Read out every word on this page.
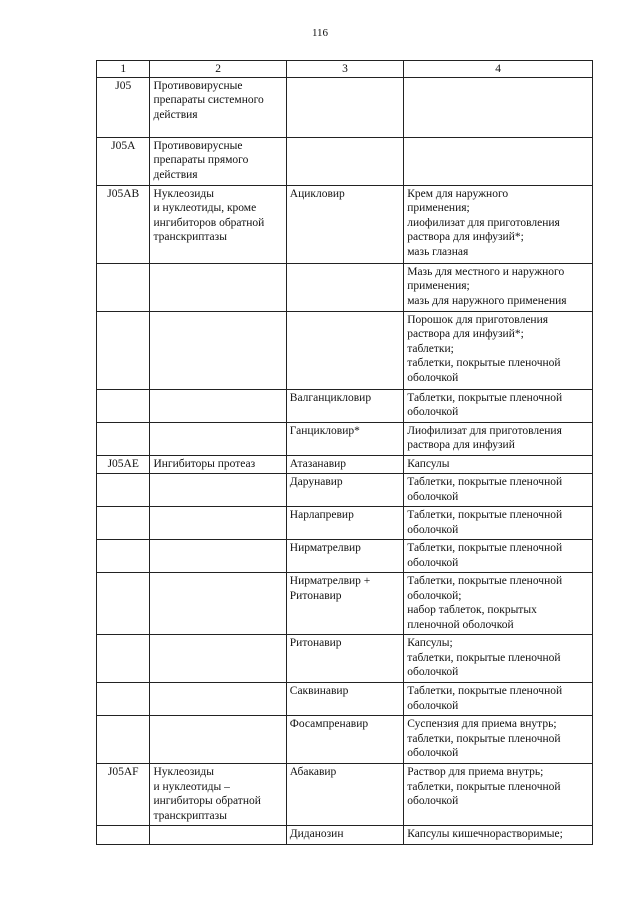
116
1	2	3	4
J05	Противовирусные
препараты системного
действия		

J05A	Противовирусные
препараты прямого
действия		

J05AB	Нуклеозиды
и нуклеотиды, кроме
ингибиторов обратной
транскриптазы	Ацикловир	Крем для наружного
применения;
лиофилизат для приготовления
раствора для инфузий*;
мазь глазная

			Мазь для местного и наружного
применения;
мазь для наружного применения

			Порошок для приготовления
раствора для инфузий*;
таблетки;
таблетки, покрытые пленочной
оболочкой

		Валганцикловир	Таблетки, покрытые пленочной
оболочкой

		Ганцикловир*	Лиофилизат для приготовления
раствора для инфузий

J05AE	Ингибиторы протеаз	Атазанавир	Капсулы

		Дарунавир	Таблетки, покрытые пленочной
оболочкой

		Нарлапревир	Таблетки, покрытые пленочной
оболочкой

		Нирматрелвир	Таблетки, покрытые пленочной
оболочкой

		Нирматрелвир +
Ритонавир	Таблетки, покрытые пленочной
оболочкой;
набор таблеток, покрытых
пленочной оболочкой

		Ритонавир	Капсулы;
таблетки, покрытые пленочной
оболочкой

		Саквинавир	Таблетки, покрытые пленочной
оболочкой

		Фосампренавир	Суспензия для приема внутрь;
таблетки, покрытые пленочной
оболочкой

J05AF	Нуклеозиды
и нуклеотиды –
ингибиторы обратной
транскриптазы	Абакавир	Раствор для приема внутрь;
таблетки, покрытые пленочной
оболочкой

		Диданозин	Капсулы кишечнорастворимые;
